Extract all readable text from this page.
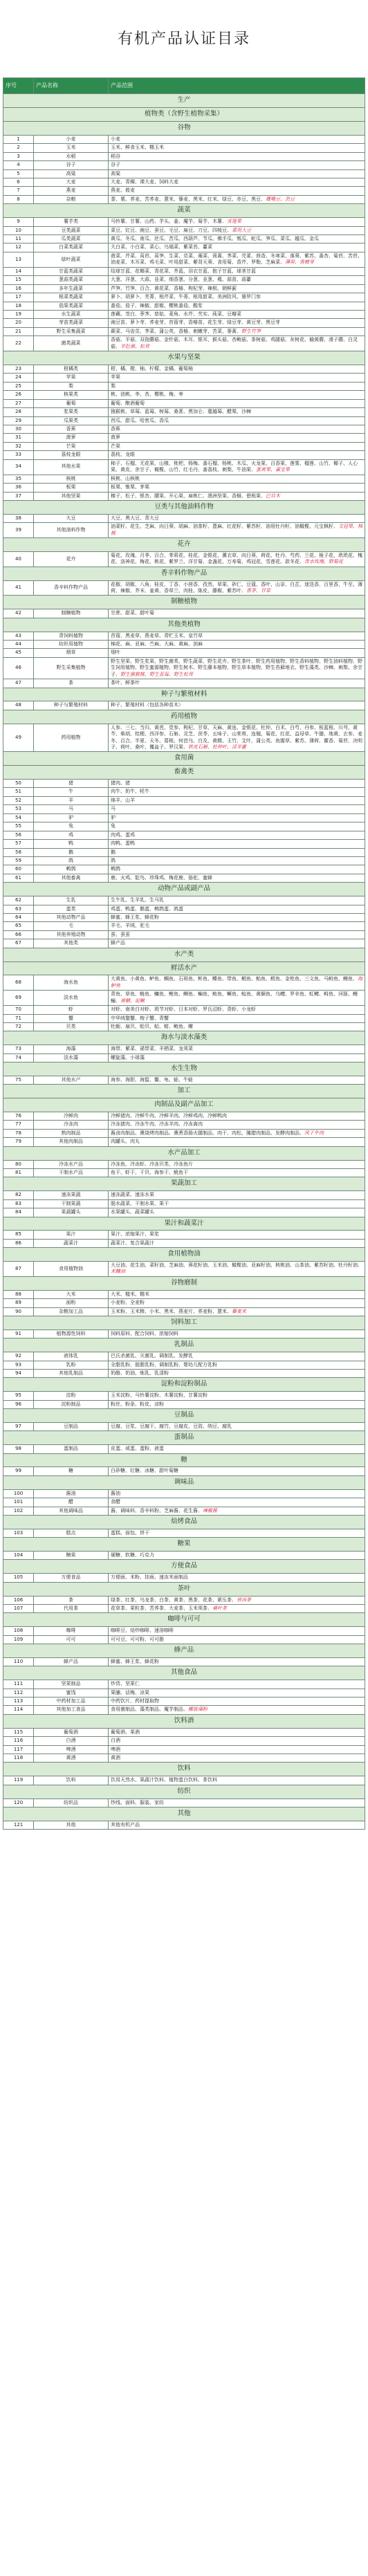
有机产品认证目录
序号	产品名称	产品范围
生产		
植物类（含野生植物采集）		
谷物		
1	小麦	小麦
2	玉米	玉米、鲜食玉米、糯玉米
3	水稻	稻谷
4	谷子	谷子
5	高粱	高粱
6	大麦	大麦、青稞、裸大麦、饲料大麦
7	燕麦	燕麦、莜麦
8	杂粮	黍、粟、荞麦、苦荞麦、薏米、藜麦、黑米、红米、绿豆、赤豆、黑豆、鹰嘴豆、芸豆
蔬菜		
9	薯芋类	马铃薯、甘薯、山药、芋头、姜、魔芋、菊芋、木薯、雪莲果
10	豆类蔬菜	菜豆、豇豆、豌豆、蚕豆、毛豆、扁豆、刀豆、四棱豆、菜用大豆
11	瓜类蔬菜	黄瓜、冬瓜、南瓜、丝瓜、苦瓜、西葫芦、节瓜、佛手瓜、瓠瓜、蛇瓜、笋瓜、菜瓜、越瓜、金瓜
12	白菜类蔬菜	大白菜、小白菜、菜心、乌塌菜、紫菜苔、薹菜
13	绿叶蔬菜	菠菜、芹菜、莴苣、莴笋、生菜、苋菜、蕹菜、茼蒿、荠菜、芫荽、茴香、冬寒菜、落葵、紫苏、番杏、菊苣、苦苣、油麦菜、木耳菜、鸡毛菜、叶用甜菜、紫背天葵、食用菊、香芹、罗勒、芝麻菜、薄荷、香椿芽
14	甘蓝类蔬菜	结球甘蓝、花椰菜、青花菜、芥蓝、羽衣甘蓝、抱子甘蓝、球茎甘蓝
15	葱蒜类蔬菜	大葱、洋葱、大蒜、韭菜、细香葱、分葱、韭葱、薤、蒜苗、蒜薹
16	多年生蔬菜	芦笋、竹笋、百合、黄花菜、香椿、枸杞芽、辣根、朝鲜蓟
17	根菜类蔬菜	萝卜、胡萝卜、芜菁、根芹菜、牛蒡、根用甜菜、美洲防风、婆罗门参
18	茄果类蔬菜	番茄、茄子、辣椒、甜椒、樱桃番茄、酸浆
19	水生蔬菜	莲藕、茭白、荸荠、慈姑、菱角、水芹、芡实、莼菜、豆瓣菜
20	芽苗类蔬菜	豌豆苗、萝卜芽、荞麦芽、苜蓿芽、香椿苗、花生芽、绿豆芽、黄豆芽、黑豆芽
21	野生采集蔬菜	蕨菜、马齿苋、荠菜、蒲公英、香椿、刺嫩芽、苦菜、蒌蒿、野生竹笋
22	菌类蔬菜	香菇、平菇、双孢蘑菇、金针菇、木耳、银耳、猴头菇、杏鲍菇、茶树菇、鸡腿菇、灰树花、榆黄蘑、滑子蘑、白灵菇、羊肚菌、松茸
水果与坚果		
23	柑橘类	柑、橘、橙、柚、柠檬、金橘、葡萄柚
24	苹果	苹果
25	梨	梨
26	核果类	桃、油桃、李、杏、樱桃、梅、枣
27	葡萄	葡萄、酿酒葡萄
28	浆果类	猕猴桃、草莓、蓝莓、树莓、桑葚、黑加仑、蔓越莓、醋栗、沙棘
29	瓜果类	西瓜、甜瓜、哈密瓜、香瓜
30	香蕉	香蕉
31	菠萝	菠萝
32	芒果	芒果
33	荔枝龙眼	荔枝、龙眼
34	其他水果	柿子、石榴、无花果、山楂、枇杷、杨梅、番石榴、杨桃、木瓜、火龙果、百香果、莲雾、榴莲、山竹、椰子、人心果、黄皮、余甘子、橄榄、山竹、红毛丹、番荔枝、刺梨、牛油果、蛋黄果、嘉宝果
35	核桃	核桃、山核桃
36	板栗	板栗、锥栗、茅栗
37	其他坚果	榛子、松子、银杏、腰果、开心果、扁桃仁、澳洲坚果、香榧、碧根果、巴旦木
豆类与其他油料作物		
38	大豆	大豆、黑大豆、青大豆
39	其他油料作物	油菜籽、花生、芝麻、向日葵、胡麻、油茶籽、蓖麻、红花籽、紫苏籽、油用牡丹籽、油橄榄、元宝枫籽、文冠果、核桃
花卉		
40	花卉	菊花、玫瑰、月季、百合、茉莉花、桂花、金银花、薰衣草、向日葵、荷花、牡丹、芍药、兰花、栀子花、玳玳花、槐花、洛神花、梅花、桃花、紫罗兰、洋甘菊、金盏花、万寿菊、鸡冠花、雪莲花、款冬花、苦水玫瑰、野菊花
香辛料作物产品		
41	香辛料作物产品	花椒、胡椒、八角、桂皮、丁香、小茴香、孜然、草果、砂仁、豆蔻、香叶、山奈、白芷、迷迭香、百里香、牛至、薄荷、辣椒、芥末、姜黄、香草兰、肉桂、陈皮、藤椒、紫苏叶、香茅、甘草
制糖植物		
42	制糖植物	甘蔗、甜菜、甜叶菊
其他类植物		
43	青饲料植物	苜蓿、黑麦草、燕麦草、青贮玉米、皇竹草
44	纺织用植物	棉花、麻、亚麻、苎麻、大麻、黄麻、剑麻
45	烟草	烟叶
46	野生采集植物	野生坚果、野生浆果、野生菌类、野生蔬菜、野生花卉、野生茶叶、野生药用植物、野生香料植物、野生油料植物、野生饲用植物、野生蜜源植物、野生树木、野生藤本植物、野生草本植物、野生苔藓地衣、野生藻类、沙棘、刺梨、余甘子、野生猕猴桃、野生蓝莓、野生松茸
47	茶	茶叶、鲜茶叶
种子与繁殖材料		
48	种子与繁殖材料	种子、繁殖材料（包括各种苗木）
药用植物		
49	药用植物	人参、三七、当归、黄芪、党参、枸杞、甘草、天麻、黄连、金银花、杜仲、白术、白芍、丹参、板蓝根、川芎、黄芩、柴胡、桔梗、西洋参、石斛、灵芝、茯苓、五味子、山茱萸、连翘、菊花、红花、益母草、牛膝、地黄、玄参、麦冬、百合、半夏、天冬、葛根、何首乌、白及、黄精、玉竹、艾叶、蒲公英、鱼腥草、紫苏、薄荷、藿香、菊苣、决明子、荷叶、桑叶、覆盆子、罗汉果、铁皮石斛、杜仲叶、淫羊藿
食用菌		
畜禽类		
50	猪	猪肉、猪
51	牛	肉牛、奶牛、牦牛
52	羊	绵羊、山羊
53	马	马
54	驴	驴
55	兔	兔
56	鸡	肉鸡、蛋鸡
57	鸭	肉鸭、蛋鸭
58	鹅	鹅
59	鸽	鸽
60	鹌鹑	鹌鹑
61	其他畜禽	鹿、火鸡、鸵鸟、珍珠鸡、梅花鹿、骆驼、蜜蜂
动物产品或副产品		
62	生乳	生牛乳、生羊乳、生马乳
63	蛋类	鸡蛋、鸭蛋、鹅蛋、鹌鹑蛋、鸽蛋
64	其他动物产品	蜂蜜、蜂王浆、蜂花粉
65	毛	羊毛、羊绒、驼毛
66	其他养殖动物	蚕、蚕茧
67	其他类	蜂产品
水产类		
鲜活水产		
68	海水鱼	大黄鱼、小黄鱼、鲈鱼、鲷鱼、石斑鱼、鲆鱼、鲽鱼、带鱼、鲳鱼、鲐鱼、鳕鱼、金枪鱼、三文鱼、马鲛鱼、鳗鱼、海鲈鱼
69	淡水鱼	青鱼、草鱼、鲢鱼、鳙鱼、鲤鱼、鲫鱼、鳊鱼、鲂鱼、鳜鱼、鲶鱼、黄颡鱼、乌鳢、罗非鱼、虹鳟、鲟鱼、河豚、鳗鲡、黄鳝、泥鳅
70	虾	对虾、南美白对虾、斑节对虾、日本对虾、罗氏沼虾、青虾、小龙虾
71	蟹	中华绒螯蟹、梭子蟹、青蟹
72	贝类	牡蛎、扇贝、贻贝、蛤、蚶、鲍鱼、螺
海水与淡水藻类		
73	海藻	海带、紫菜、裙带菜、羊栖菜、龙须菜
74	淡水藻	螺旋藻、小球藻
水生生物		
75	其他水产	海参、海胆、海蜇、鳖、龟、蛙、牛蛙
加工		
肉制品及副产品加工		
76	冷鲜肉	冷鲜猪肉、冷鲜牛肉、冷鲜羊肉、冷鲜鸡肉、冷鲜鸭肉
77	冷冻肉	冷冻猪肉、冷冻牛肉、冷冻羊肉、冷冻禽肉
78	熟肉制品	酱卤肉制品、熏烧烤肉制品、熏煮香肠火腿制品、肉干、肉松、腌腊肉制品、发酵肉制品、风干牛肉
79	其他肉制品	肉罐头、肉丸
水产品加工		
80	冷冻水产品	冷冻鱼、冷冻虾、冷冻贝类、冷冻鱼片
81	干制水产品	鱼干、虾干、干贝、海参干、鱿鱼干
果蔬加工		
82	速冻果蔬	速冻蔬菜、速冻水果
83	干制果蔬	脱水蔬菜、干制水果、果干
84	果蔬罐头	水果罐头、蔬菜罐头
果汁和蔬菜汁		
85	果汁	果汁、浓缩果汁、果浆
86	蔬菜汁	蔬菜汁、复合果蔬汁
食用植物油		
87	食用植物油	大豆油、花生油、菜籽油、芝麻油、葵花籽油、玉米油、橄榄油、亚麻籽油、核桃油、山茶油、紫苏籽油、牡丹籽油、米糠油
谷物磨制		
88	大米	大米、糙米、糯米
89	面粉	小麦粉、全麦粉
90	杂粮加工品	玉米粉、玉米糁、小米、黑米、燕麦片、荞麦粉、薏米、藜麦米
饲料加工		
91	植物源性饲料	饲料原料、配合饲料、浓缩饲料
乳制品		
92	液体乳	巴氏杀菌乳、灭菌乳、调制乳、发酵乳
93	乳粉	全脂乳粉、脱脂乳粉、调制乳粉、婴幼儿配方乳粉
94	其他乳制品	奶酪、奶油、炼乳、乳清粉
淀粉和淀粉制品		
95	淀粉	玉米淀粉、马铃薯淀粉、木薯淀粉、甘薯淀粉
96	淀粉制品	粉丝、粉条、粉皮、凉粉
豆制品		
97	豆制品	豆腐、豆浆、豆腐干、腐竹、豆腐皮、豆豉、纳豆、腐乳
蛋制品		
98	蛋制品	皮蛋、咸蛋、蛋粉、液蛋
糖		
99	糖	白砂糖、红糖、冰糖、甜叶菊糖
调味品		
100	酱油	酱油
101	醋	食醋
102	其他调味品	酱、调味料、香辛料粉、芝麻酱、花生酱、辣椒酱
焙烤食品		
103	糕点	蛋糕、面包、饼干
糖果		
104	糖果	硬糖、软糖、巧克力
方便食品		
105	方便食品	方便面、米粉、挂面、速冻米面制品
茶叶		
106	茶	绿茶、红茶、乌龙茶、白茶、黄茶、黑茶、花茶、紧压茶、普洱茶
107	代用茶	花草茶、果粒茶、苦荞茶、大麦茶、玉米须茶、桑叶茶
咖啡与可可		
108	咖啡	咖啡豆、焙炒咖啡、速溶咖啡
109	可可	可可豆、可可粉、可可脂
蜂产品		
110	蜂产品	蜂蜜、蜂王浆、蜂花粉
其他食品		
111	坚果制品	炒货、坚果仁
112	蜜饯	果脯、话梅、凉果
113	中药材加工品	中药饮片、药材提取物
114	其他加工食品	食用菌制品、藻类制品、魔芋制品、螺旋藻粉
饮料酒		
115	葡萄酒	葡萄酒、果酒
116	白酒	白酒
117	啤酒	啤酒
118	黄酒	黄酒
饮料		
119	饮料	饮用天然水、果蔬汁饮料、植物蛋白饮料、茶饮料
纺织		
120	纺织品	纱线、面料、服装、家纺
其他		
121	其他	其他有机产品
